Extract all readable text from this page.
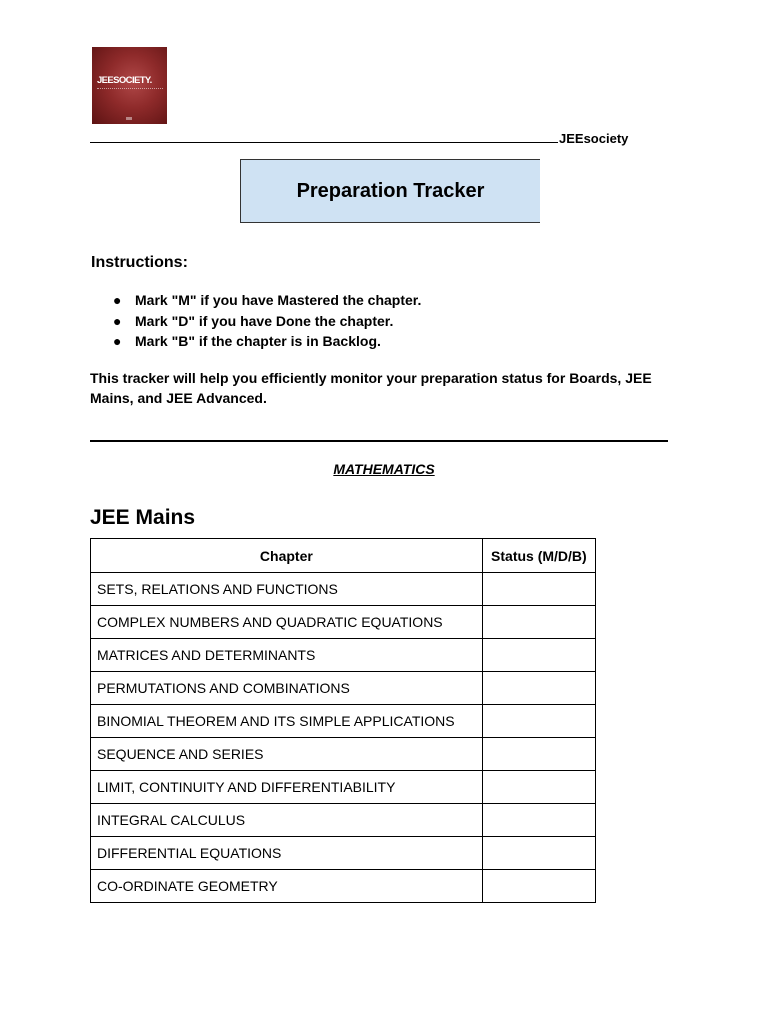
JEESOCIETY.
JEEsociety
Preparation Tracker
Instructions:
● Mark "M" if you have Mastered the chapter.
● Mark "D" if you have Done the chapter.
● Mark "B" if the chapter is in Backlog.
This tracker will help you efficiently monitor your preparation status for Boards, JEE Mains, and JEE Advanced.
MATHEMATICS
JEE Mains
Chapter	Status (M/D/B)
SETS, RELATIONS AND FUNCTIONS	
COMPLEX NUMBERS AND QUADRATIC EQUATIONS	
MATRICES AND DETERMINANTS	
PERMUTATIONS AND COMBINATIONS	
BINOMIAL THEOREM AND ITS SIMPLE APPLICATIONS	
SEQUENCE AND SERIES	
LIMIT, CONTINUITY AND DIFFERENTIABILITY	
INTEGRAL CALCULUS	
DIFFERENTIAL EQUATIONS	
CO-ORDINATE GEOMETRY	
